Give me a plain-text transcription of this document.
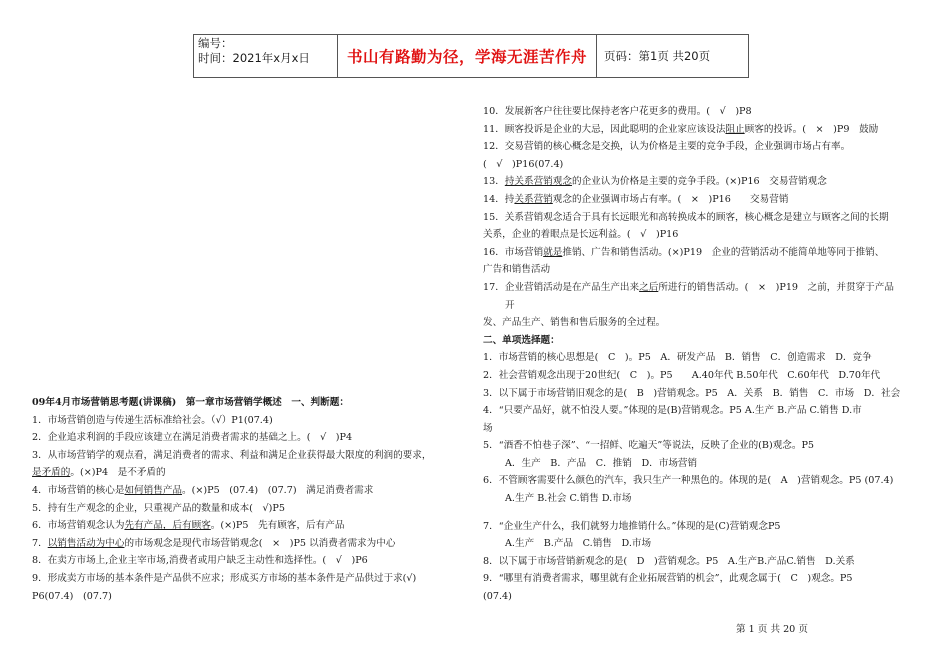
编号：
时间：2021年x月x日	书山有路勤为径，学海无涯苦作舟	页码：第1页 共20页
09年4月市场营销思考题(讲课稿)　第一章市场营销学概述　一、判断题：
1．市场营销创造与传递生活标准给社会。（√）P1(07.4)
2．企业追求利润的手段应该建立在满足消费者需求的基础之上。(　√　)P4
3．从市场营销学的观点看，满足消费者的需求、利益和满足企业获得最大限度的利润的要求，
是矛盾的。(×)P4　是不矛盾的
4．市场营销的核心是如何销售产品。(×)P5　(07.4)　(07.7)　满足消费者需求
5．持有生产观念的企业，只重视产品的数量和成本(　√)P5
6．市场营销观念认为先有产品，后有顾客。(×)P5　先有顾客，后有产品
7．以销售活动为中心的市场观念是现代市场营销观念(　×　)P5 以消费者需求为中心
8．在卖方市场上,企业主宰市场,消费者或用户缺乏主动性和选择性。(　√　)P6
9．形成卖方市场的基本条件是产品供不应求；形成买方市场的基本条件是产品供过于求(√)
P6(07.4)　(07.7)
10．发展新客户往往要比保持老客户花更多的费用。(　√　)P8
11．顾客投诉是企业的大忌，因此聪明的企业家应该设法阻止顾客的投诉。(　×　)P9　鼓励
12．交易营销的核心概念是交换，认为价格是主要的竞争手段，企业强调市场占有率。
(　√　)P16(07.4)
13．持关系营销观念的企业认为价格是主要的竞争手段。(×)P16　交易营销观念
14．持关系营销观念的企业强调市场占有率。(　×　)P16　　交易营销
15．关系营销观念适合于具有长远眼光和高转换成本的顾客，核心概念是建立与顾客之间的长期
关系，企业的着眼点是长远利益。(　√　)P16
16．市场营销就是推销、广告和销售活动。(×)P19　企业的营销活动不能简单地等同于推销、
广告和销售活动
17．企业营销活动是在产品生产出来之后所进行的销售活动。(　×　)P19　之前，并贯穿于产品
开
发、产品生产、销售和售后服务的全过程。
二、单项选择题：
1．市场营销的核心思想是(　C　)。P5　A．研发产品　B．销售　C．创造需求　D．竞争
2．社会营销观念出现于20世纪(　C　)。P5　　A.40年代 B.50年代　C.60年代　D.70年代
3．以下属于市场营销旧观念的是(　B　)营销观念。P5　A．关系　B．销售　C．市场　D．社会
4．“只要产品好，就不怕没人要。”体现的是(B)营销观念。P5 A.生产 B.产品 C.销售 D.市
场
5．“酒香不怕巷子深”、“一招鲜、吃遍天”等说法，反映了企业的(B)观念。P5
A．生产　B．产品　C．推销　D．市场营销
6．不管顾客需要什么颜色的汽车，我只生产一种黑色的。体现的是(　A　)营销观念。P5 (07.4)
A.生产 B.社会 C.销售 D.市场
7．“企业生产什么，我们就努力地推销什么。”体现的是(C)营销观念P5
A.生产　B.产品　C.销售　D.市场
8．以下属于市场营销新观念的是(　D　)营销观念。P5　A.生产B.产品C.销售　D.关系
9．“哪里有消费者需求，哪里就有企业拓展营销的机会”，此观念属于(　C　)观念。P5
(07.4)
第 1 页 共 20 页
